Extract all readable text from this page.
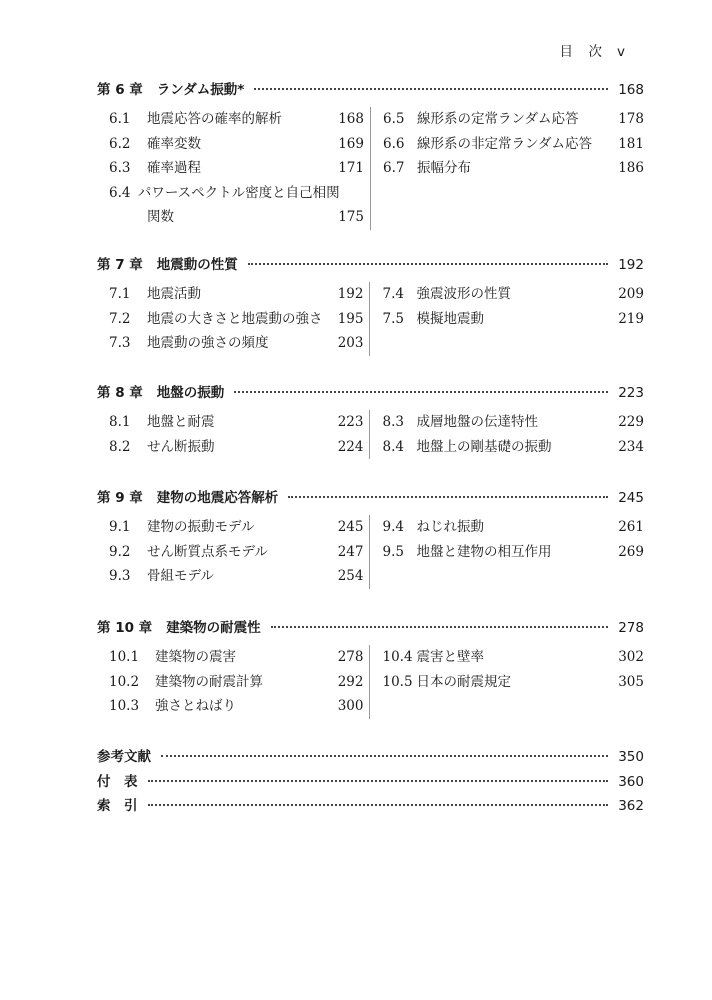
目　次 v
第 6 章 ランダム振動*	168
6.1	地震応答の確率的解析	168
6.2	確率変数	169
6.3	確率過程	171
6.4 パワースペクトル密度と自己相関
関数	175
6.5 線形系の定常ランダム応答	178
6.6 線形系の非定常ランダム応答	181
6.7 振幅分布	186
第 7 章 地震動の性質	192
7.1	地震活動	192
7.2	地震の大きさと地震動の強さ	195
7.3	地震動の強さの頻度	203
7.4 強震波形の性質	209
7.5 模擬地震動	219
第 8 章 地盤の振動	223
8.1	地盤と耐震	223
8.2	せん断振動	224
8.3 成層地盤の伝達特性	229
8.4 地盤上の剛基礎の振動	234
第 9 章 建物の地震応答解析	245
9.1	建物の振動モデル	245
9.2	せん断質点系モデル	247
9.3	骨組モデル	254
9.4 ねじれ振動	261
9.5 地盤と建物の相互作用	269
第 10 章 建築物の耐震性	278
10.1	建築物の震害	278
10.2	建築物の耐震計算	292
10.3	強さとねばり	300
10.4 震害と壁率	302
10.5 日本の耐震規定	305
参考文献	350
付　表	360
索　引	362
